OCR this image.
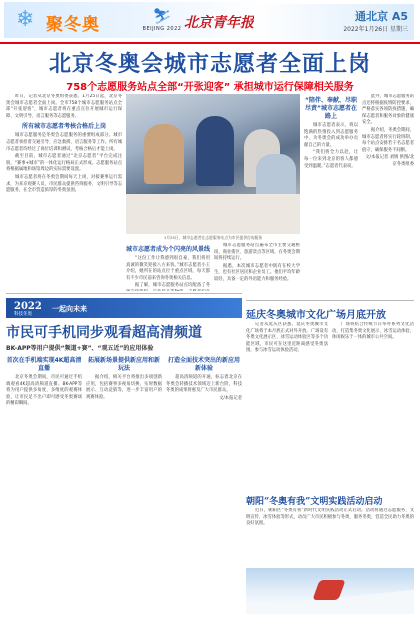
❄ 聚冬奥	⛷
BEIJING 2022 北京青年报	通北京 A5
2022年1月26日 星期三
北京冬奥会城市志愿者全面上岗
758个志愿服务站点全部“开张迎客” 承担城市运行保障相关服务

昨日，记者从北京冬奥组委获悉，1月25日起，北京冬奥会城市志愿者全面上岗。全市758个城市志愿服务站点全部“开张迎客”，城市志愿者将在重点点位开展城市运行保障、文明引导、语言服务等志愿服务。

所有城市志愿者考核合格后上岗

城市志愿服务是冬奥会志愿服务的重要组成部分。城市志愿者承担着交通引导、应急救援、语言服务等工作。所有城市志愿者均经过了岗位培训和测试，考核合格后才能上岗。

截至目前，城市志愿者通过“北京志愿者”平台完成注册，“赛事+城市”的一体化运行格局正式形成。志愿服务站点将根据属地和场馆周边的实际需要设置。

城市志愿者将在冬奥会期间每天上岗，对接赛事运行需求，为来京观赛人员、市民群众提供咨询服务、文明引导等志愿服务，在全市营造浓厚的冬奥氛围。

1月25日，城市志愿者在志愿服务站点为市民提供咨询服务
城市志愿者成为个闪亮的风景线

“这份工作让我感到很自豪，我们将用真诚的微笑迎接八方来客。”城市志愿者小王介绍，她所在的站点位于重点区域，每天都有不少市民前来咨询冬奥相关信息。

据了解，城市志愿服务站点均配备了冬

城市志愿服务站点遍布全市主要交通枢纽、商业街区、旅游景点等区域，在冬奥会期间将持续运行。

据悉，本次城市志愿者中既有在校大学生，也有社区居民和企业员工。他们平均年龄较轻，具备一定的外语能力和服务经验。

“陪伴、奉献、尽职尽责”城市志愿者在路上

城市志愿者表示，将以饱满的热情投入到志愿服务中，为冬奥会的成功举办贡献自己的力量。

“我们将全力以赴，让每一位来到北京的客人都感受到温暖。”志愿者代表说。

此外，城市志愿服务站点还将根据疫情防控要求，严格落实各项防疫措施，确保志愿者和服务对象的健康安全。

据介绍，冬奥会期间，城市志愿者将实行轮班制，每个站点安排若干名志愿者值守，确保服务不间断。

文/本报记者 刘婧 供图/北京冬奥组委

2022 一起向未来
科技冬奥
市民可手机同步观看超高清频道
BK-APP等用户提供“频道+赛”、“观五近”的应用体验
首次在手机端实现4K超高清直播

北京冬奥会期间，市民可通过手机端观看4K超高清频道直播。BK-APP等将为用户提供多角度、多维度的观赛体验，让市民足不出户即可感受冬奥赛场的精彩瞬间。

拓展新场景提供新应用和新玩法

据介绍，相关平台将推出多项创新应用，包括赛事多视角切换、实时数据展示、互动竞猜等，进一步丰富用户的观赛体验。

打造全面技术突出的新应用新体验

超高清频道的开通，标志着北京在冬奥会转播技术领域迈上新台阶，科技冬奥的成果将惠及广大市民群众。

文/本报记者

延庆冬奥城市文化广场月底开放

记者从延庆区获悉，延庆冬奥城市文化广场将于本月底正式对外开放。广场设有冬奥文化展示区、冰雪运动体验区等多个功能区域，市民可在这里近距离感受冬奥氛围，参与冰雪运动体验活动。

广场将结合传统节日举办系列文化活动，打造集冬奥文化展示、冰雪运动体验、休闲娱乐于一体的城市公共空间。

朝阳“冬奥有我”文明实践活动启动

近日，朝阳区“冬奥有我”新时代文明实践活动正式启动。活动将通过志愿服务、文明宣传、冰雪体验等形式，动员广大市民积极参与冬奥、服务冬奥，营造全民助力冬奥的良好氛围。
